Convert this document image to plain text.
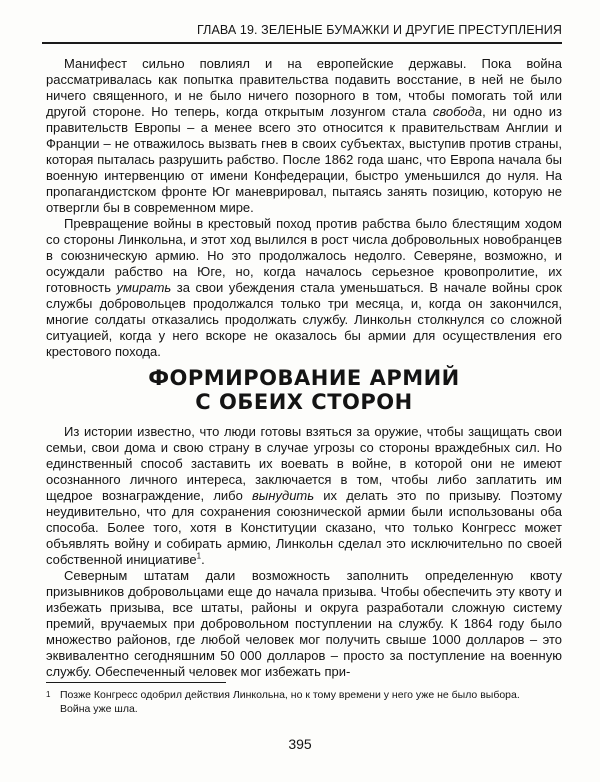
ГЛАВА 19. ЗЕЛЕНЫЕ БУМАЖКИ И ДРУГИЕ ПРЕСТУПЛЕНИЯ

Манифест сильно повлиял и на европейские державы. Пока война рассматривалась как попытка правительства подавить восстание, в ней не было ничего священного, и не было ничего позорного в том, чтобы помогать той или другой стороне. Но теперь, когда открытым лозунгом стала свобода, ни одно из правительств Европы – а менее всего это относится к правительствам Англии и Франции – не отважилось вызвать гнев в своих субъектах, выступив против страны, которая пыталась разрушить рабство. После 1862 года шанс, что Европа начала бы военную интервенцию от имени Конфедерации, быстро уменьшился до нуля. На пропагандистском фронте Юг маневрировал, пытаясь занять позицию, которую не отвергли бы в современном мире.

Превращение войны в крестовый поход против рабства было блестящим ходом со стороны Линкольна, и этот ход вылился в рост числа добровольных новобранцев в союзническую армию. Но это продолжалось недолго. Северяне, возможно, и осуждали рабство на Юге, но, когда началось серьезное кровопролитие, их готовность умирать за свои убеждения стала уменьшаться. В начале войны срок службы добровольцев продолжался только три месяца, и, когда он закончился, многие солдаты отказались продолжать службу. Линкольн столкнулся со сложной ситуацией, когда у него вскоре не оказалось бы армии для осуществления его крестового похода.

ФОРМИРОВАНИЕ АРМИЙ
С ОБЕИХ СТОРОН

Из истории известно, что люди готовы взяться за оружие, чтобы защищать свои семьи, свои дома и свою страну в случае угрозы со стороны враждебных сил. Но единственный способ заставить их воевать в войне, в которой они не имеют осознанного личного интереса, заключается в том, чтобы либо заплатить им щедрое вознаграждение, либо вынудить их делать это по призыву. Поэтому неудивительно, что для сохранения союзнической армии были использованы оба способа. Более того, хотя в Конституции сказано, что только Конгресс может объявлять войну и собирать армию, Линкольн сделал это исключительно по своей собственной инициативе$^1$.

Северным штатам дали возможность заполнить определенную квоту призывников добровольцами еще до начала призыва. Чтобы обеспечить эту квоту и избежать призыва, все штаты, районы и округа разработали сложную систему премий, вручаемых при добровольном поступлении на службу. К 1864 году было множество районов, где любой человек мог получить свыше 1000 долларов – это эквивалентно сегодняшним 50 000 долларов – просто за поступление на военную службу. Обеспеченный человек мог избежать при-

1 Позже Конгресс одобрил действия Линкольна, но к тому времени у него уже не было выбора.
Война уже шла.
395
